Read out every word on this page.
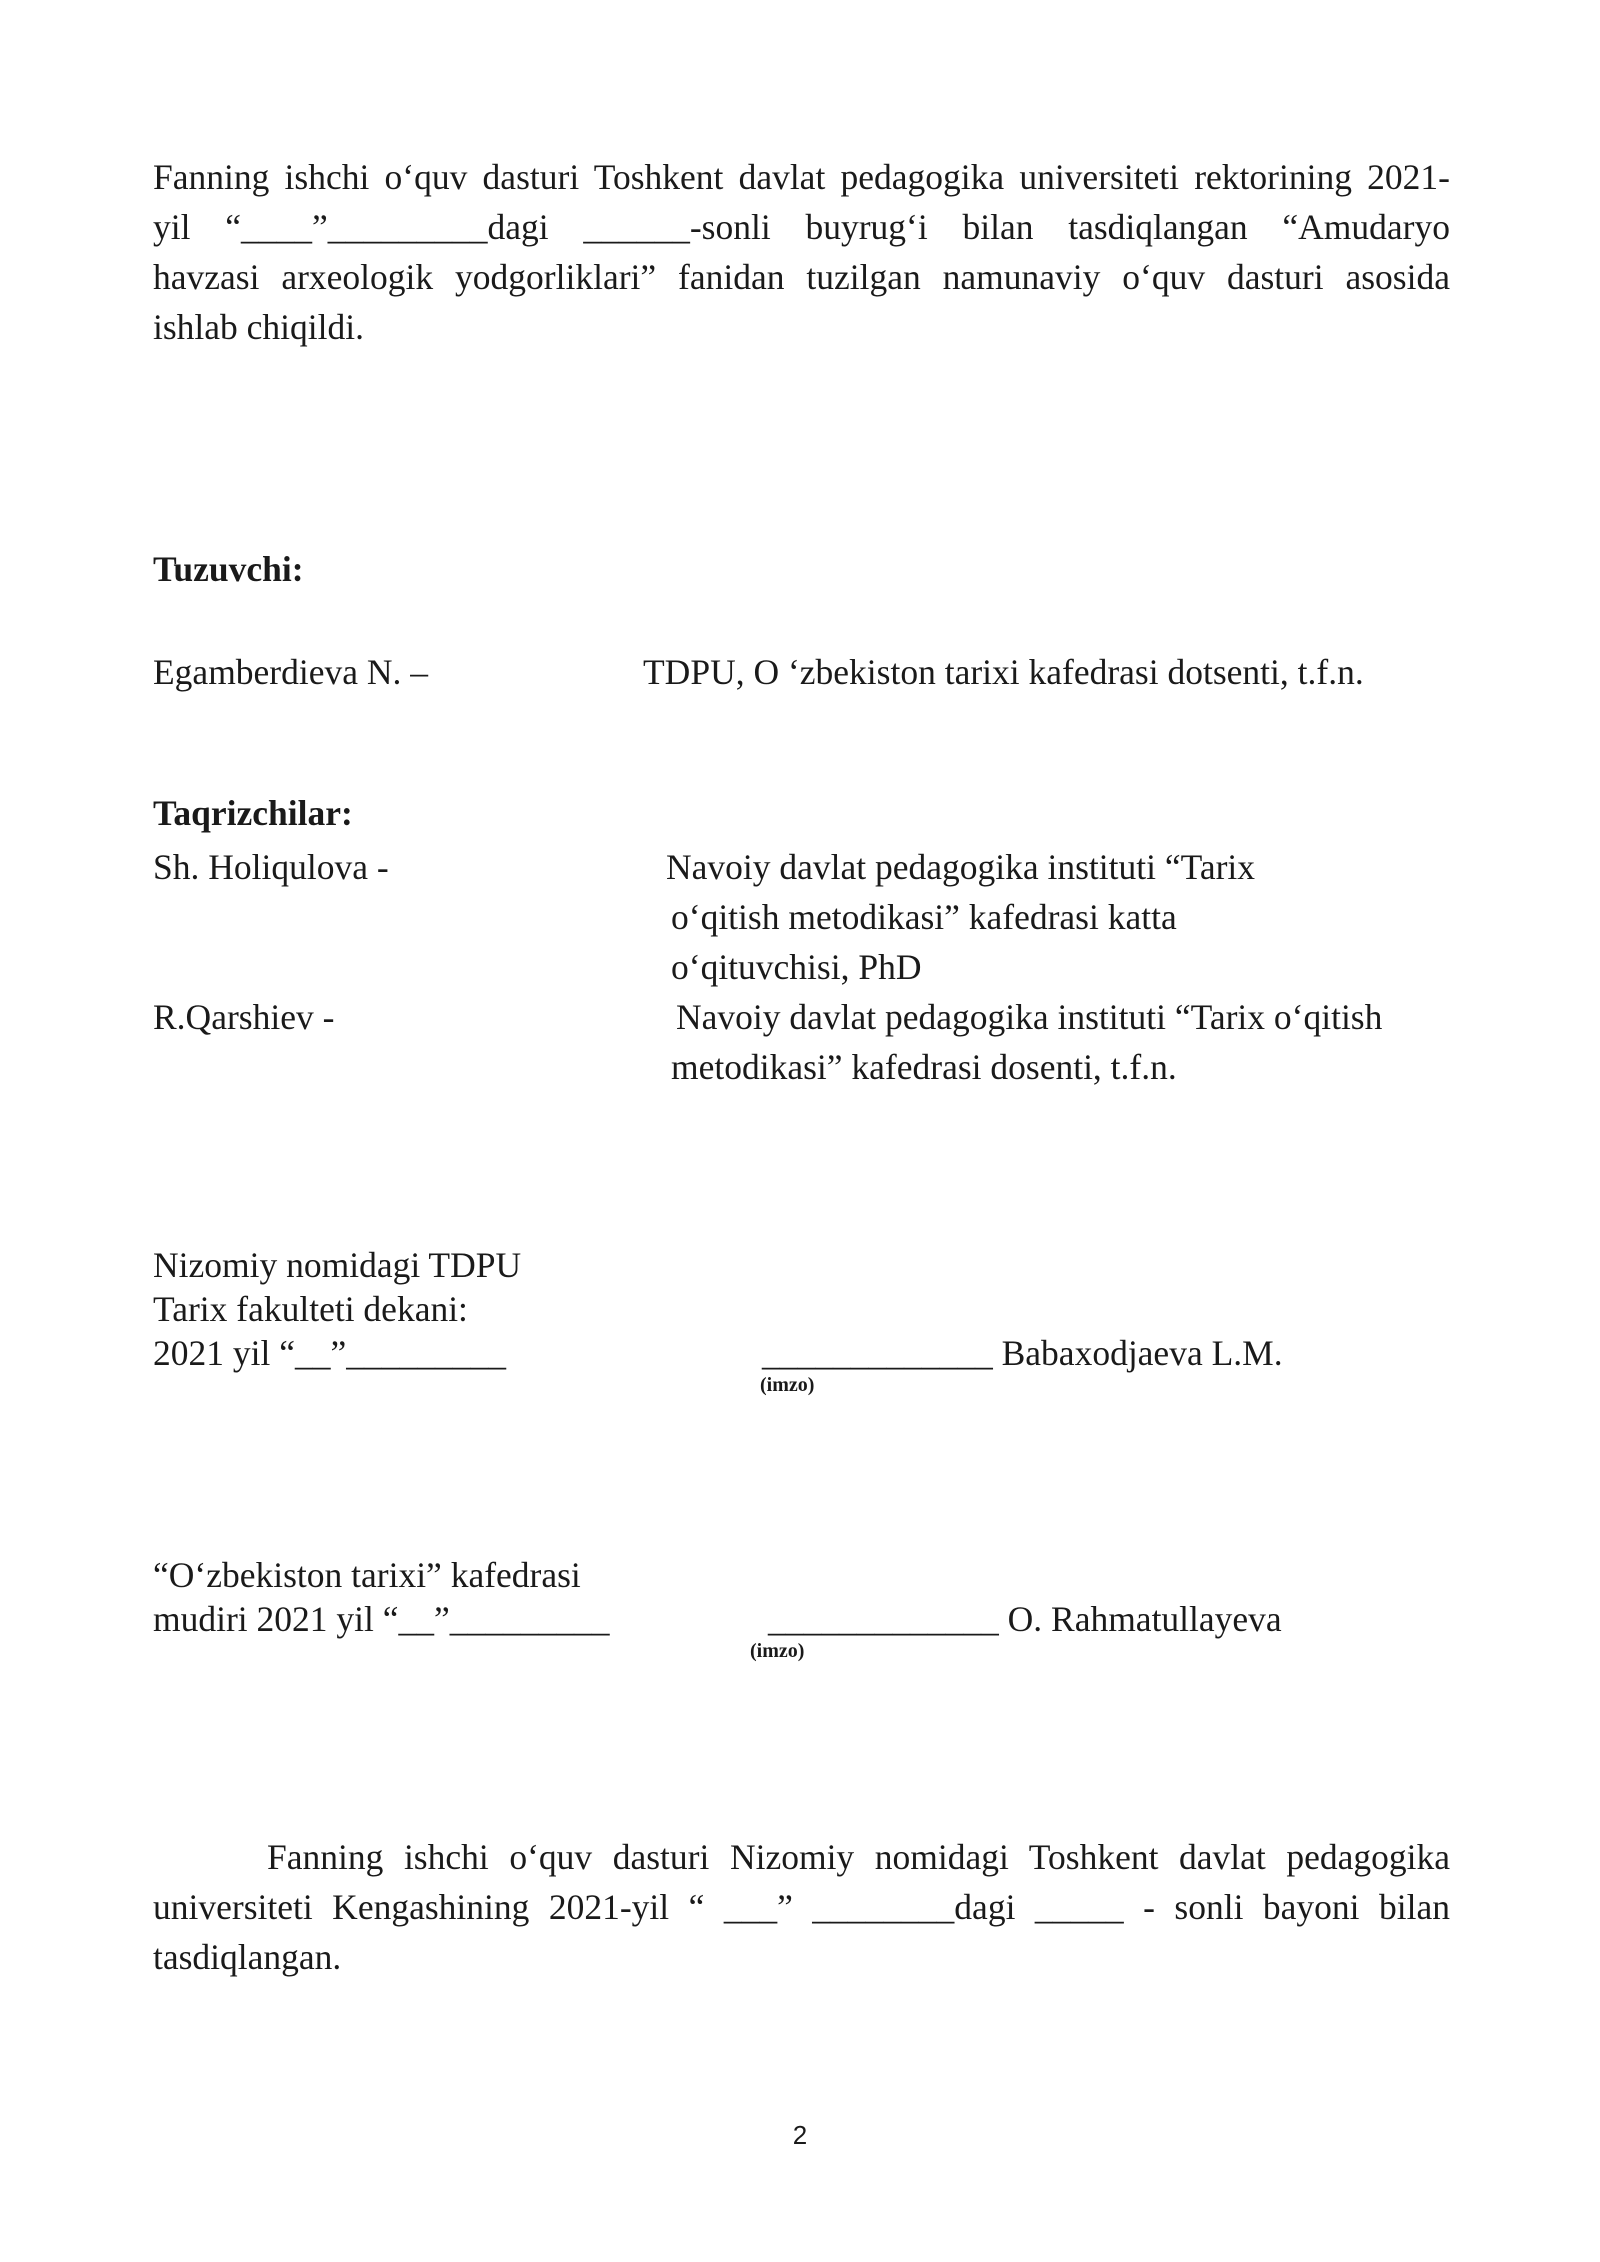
Fanning ishchi oʻquv dasturi Toshkent davlat pedagogika universiteti rektorining 2021-
yil “____”_________dagi ______-sonli buyrugʻi bilan tasdiqlangan “Amudaryo
havzasi arxeologik yodgorliklari” fanidan tuzilgan namunaviy oʻquv dasturi asosida
ishlab chiqildi.

Tuzuvchi:

Egamberdieva N. –	TDPU, O ʻzbekiston tarixi kafedrasi dotsenti, t.f.n.

Taqrizchilar:

Sh. Holiqulova -	Navoiy davlat pedagogika instituti “Tarix

oʻqitish metodikasi” kafedrasi katta

oʻqituvchisi, PhD

R.Qarshiev -	Navoiy davlat pedagogika instituti “Tarix oʻqitish

metodikasi” kafedrasi dosenti, t.f.n.

Nizomiy nomidagi TDPU

Tarix fakulteti dekani:

2021 yil “__”_________	_____________ Babaxodjaeva L.M.

(imzo)

“Oʻzbekiston tarixi” kafedrasi

mudiri 2021 yil “__”_________	_____________ O. Rahmatullayeva

(imzo)

Fanning ishchi oʻquv dasturi Nizomiy nomidagi Toshkent davlat pedagogika
universiteti Kengashining 2021-yil “ ___” ________dagi _____ - sonli bayoni bilan
tasdiqlangan.
2
